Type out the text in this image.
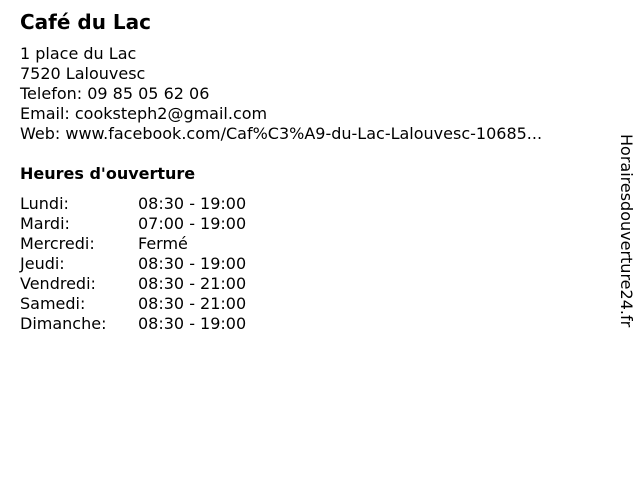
Café du Lac
1 place du Lac
7520 Lalouvesc
Telefon: 09 85 05 62 06
Email: cooksteph2@gmail.com
Web: www.facebook.com/Caf%C3%A9-du-Lac-Lalouvesc-10685...
Heures d'ouverture
Lundi:	08:30 - 19:00
Mardi:	07:00 - 19:00
Mercredi:	Fermé
Jeudi:	08:30 - 19:00
Vendredi:	08:30 - 21:00
Samedi:	08:30 - 21:00
Dimanche: 08:30 - 19:00	Horairesdouverture24.fr
